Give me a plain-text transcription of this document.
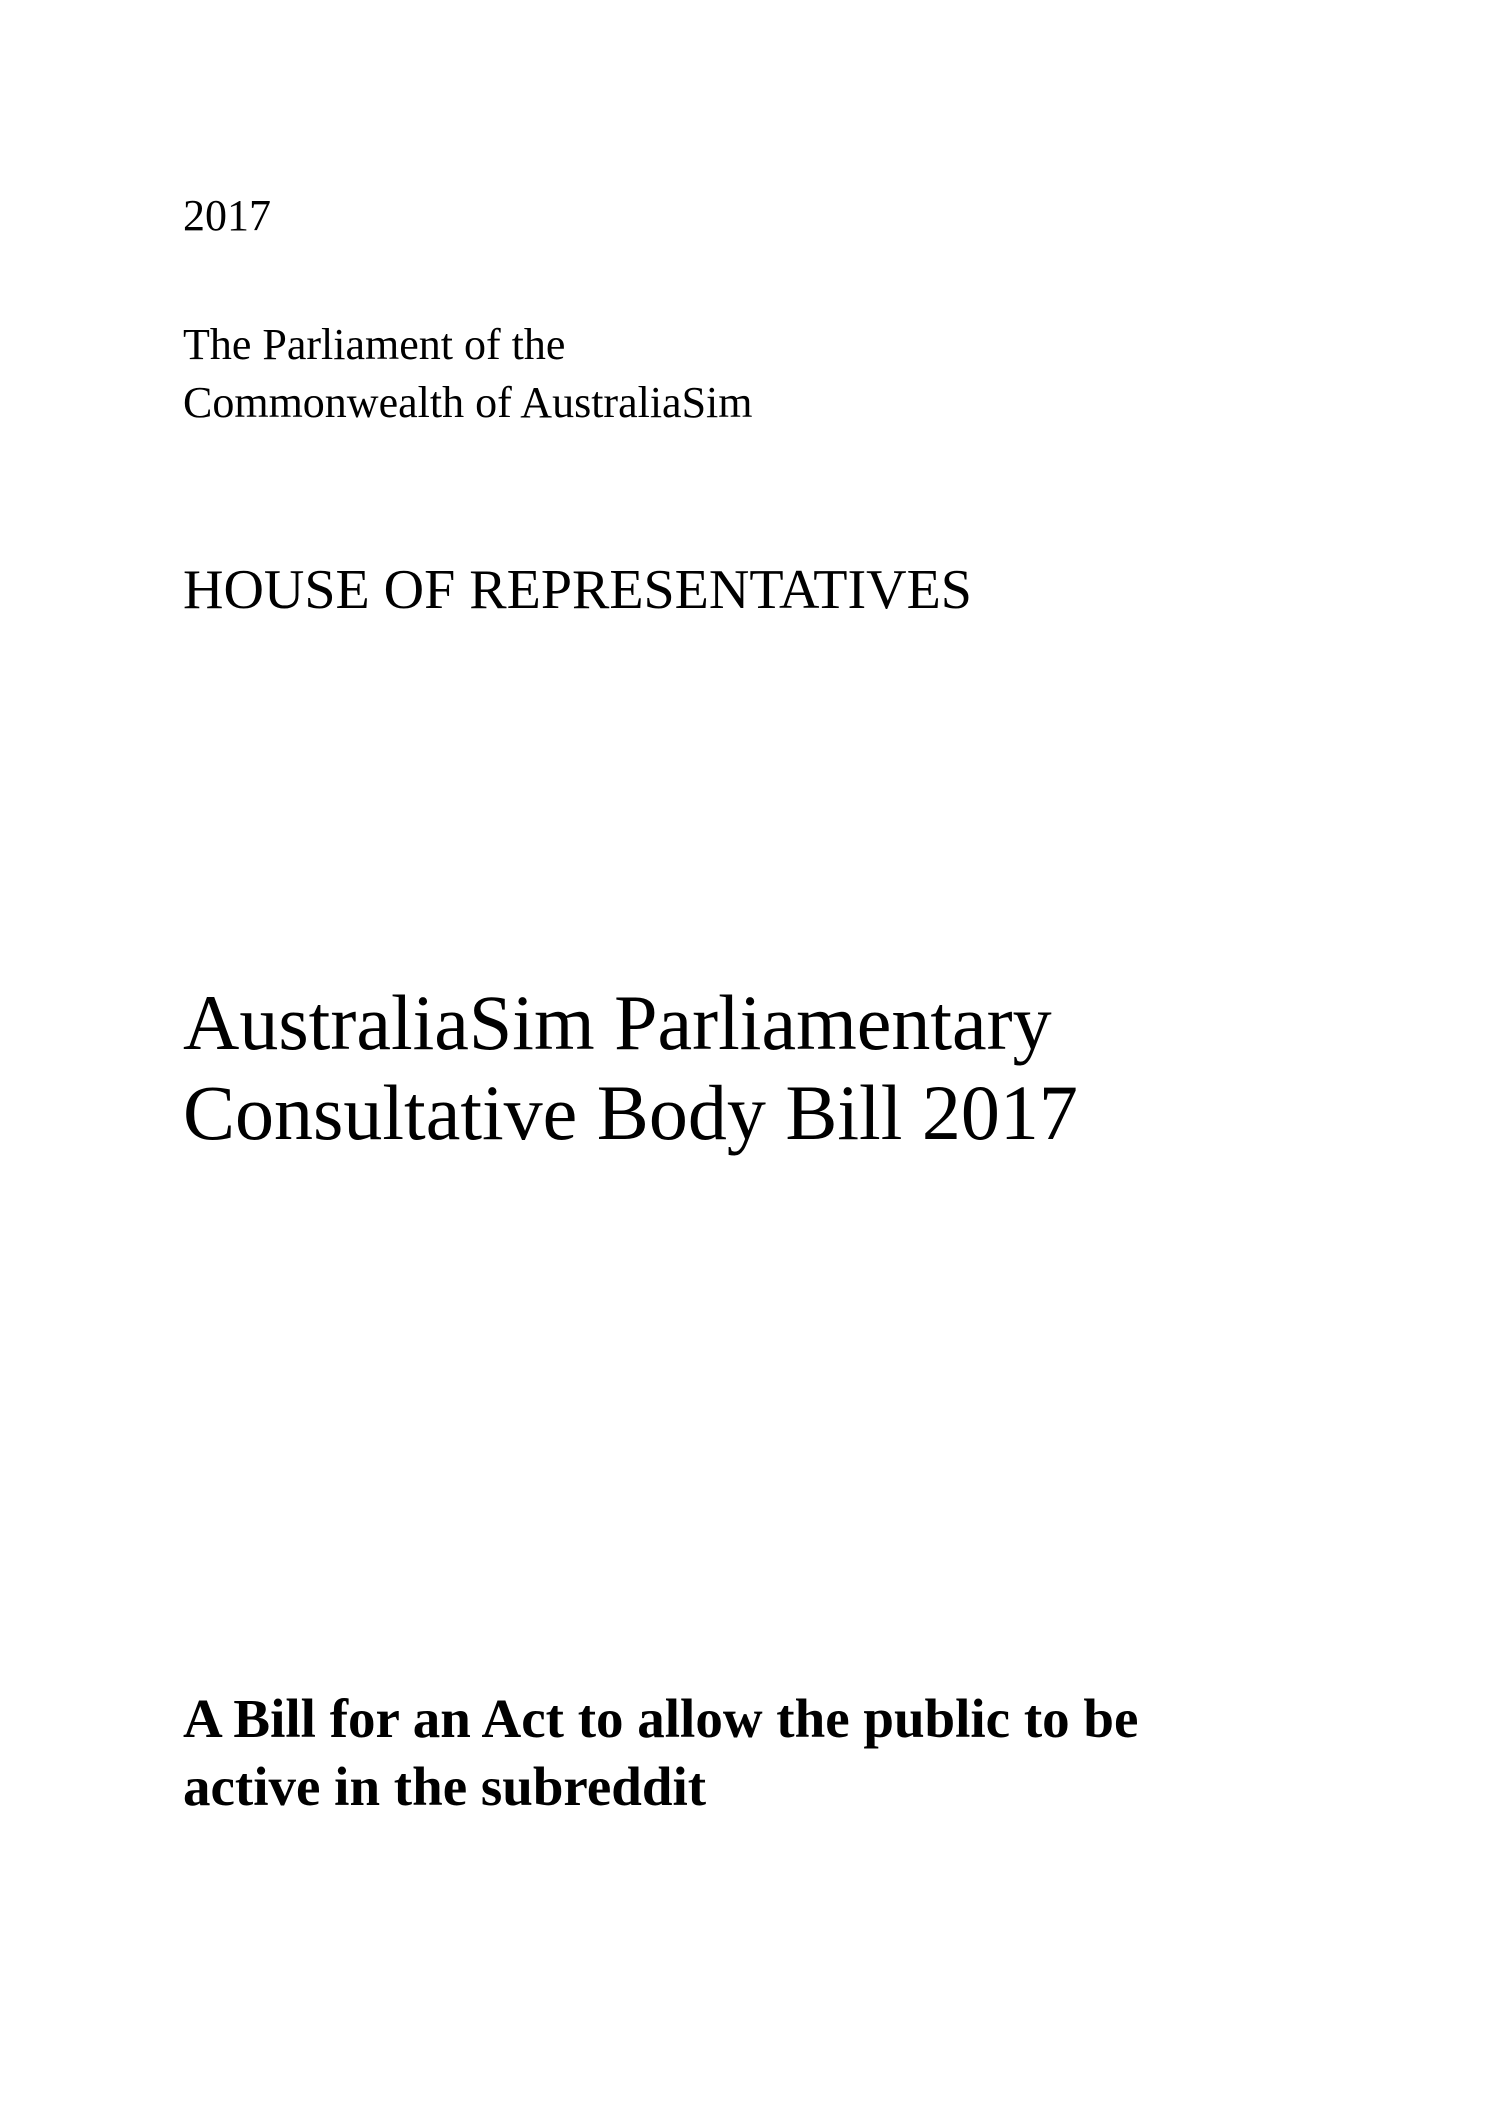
2017

The Parliament of the
Commonwealth of AustraliaSim

HOUSE OF REPRESENTATIVES

AustraliaSim Parliamentary
Consultative Body Bill 2017

A Bill for an Act to allow the public to be
active in the subreddit
